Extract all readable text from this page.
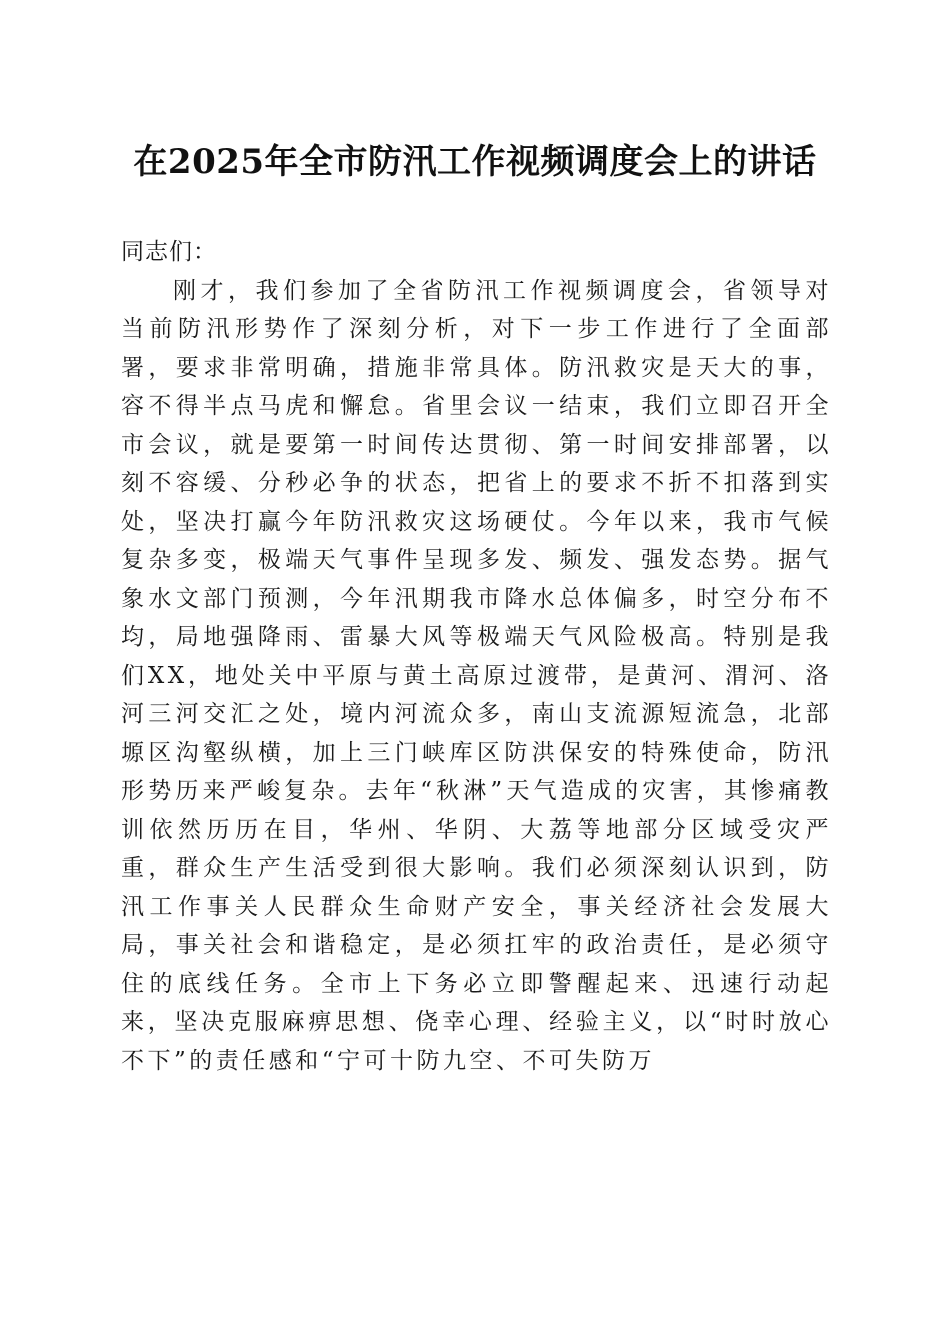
在2025年全市防汛工作视频调度会上的讲话

同志们：

刚才，我们参加了全省防汛工作视频调度会，省领导对当前防汛形势作了深刻分析，对下一步工作进行了全面部署，要求非常明确，措施非常具体。防汛救灾是天大的事，容不得半点马虎和懈怠。省里会议一结束，我们立即召开全市会议，就是要第一时间传达贯彻、第一时间安排部署，以刻不容缓、分秒必争的状态，把省上的要求不折不扣落到实处，坚决打赢今年防汛救灾这场硬仗。今年以来，我市气候复杂多变，极端天气事件呈现多发、频发、强发态势。据气象水文部门预测，今年汛期我市降水总体偏多，时空分布不均，局地强降雨、雷暴大风等极端天气风险极高。特别是我们XX，地处关中平原与黄土高原过渡带，是黄河、渭河、洛河三河交汇之处，境内河流众多，南山支流源短流急，北部塬区沟壑纵横，加上三门峡库区防洪保安的特殊使命，防汛形势历来严峻复杂。去年“秋淋”天气造成的灾害，其惨痛教训依然历历在目，华州、华阴、大荔等地部分区域受灾严重，群众生产生活受到很大影响。我们必须深刻认识到，防汛工作事关人民群众生命财产安全，事关经济社会发展大局，事关社会和谐稳定，是必须扛牢的政治责任，是必须守住的底线任务。全市上下务必立即警醒起来、迅速行动起来，坚决克服麻痹思想、侥幸心理、经验主义，以“时时放心不下”的责任感和“宁可十防九空、不可失防万
